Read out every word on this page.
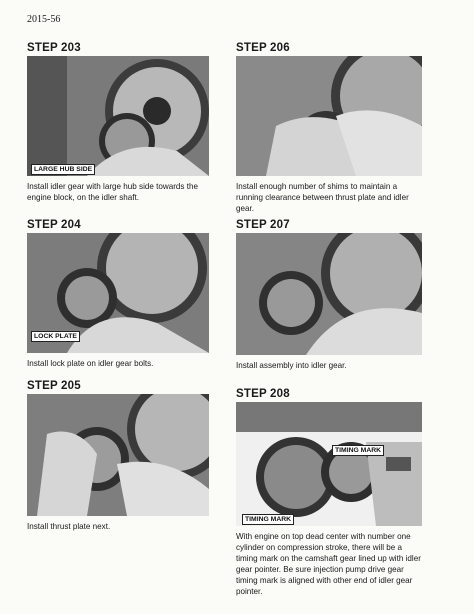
2015-56
STEP 203
LARGE HUB SIDE
Install idler gear with large hub side towards the engine block, on the idler shaft.
STEP 206
Install enough number of shims to maintain a running clearance between thrust plate and idler gear.
STEP 204
LOCK PLATE
Install lock plate on idler gear bolts.
STEP 207
Install assembly into idler gear.
STEP 205
Install thrust plate next.
STEP 208
TIMING MARK
TIMING MARK
With engine on top dead center with number one cylinder on compression stroke, there will be a timing mark on the camshaft gear lined up with idler gear pointer. Be sure injection pump drive gear timing mark is aligned with other end of idler gear pointer.
